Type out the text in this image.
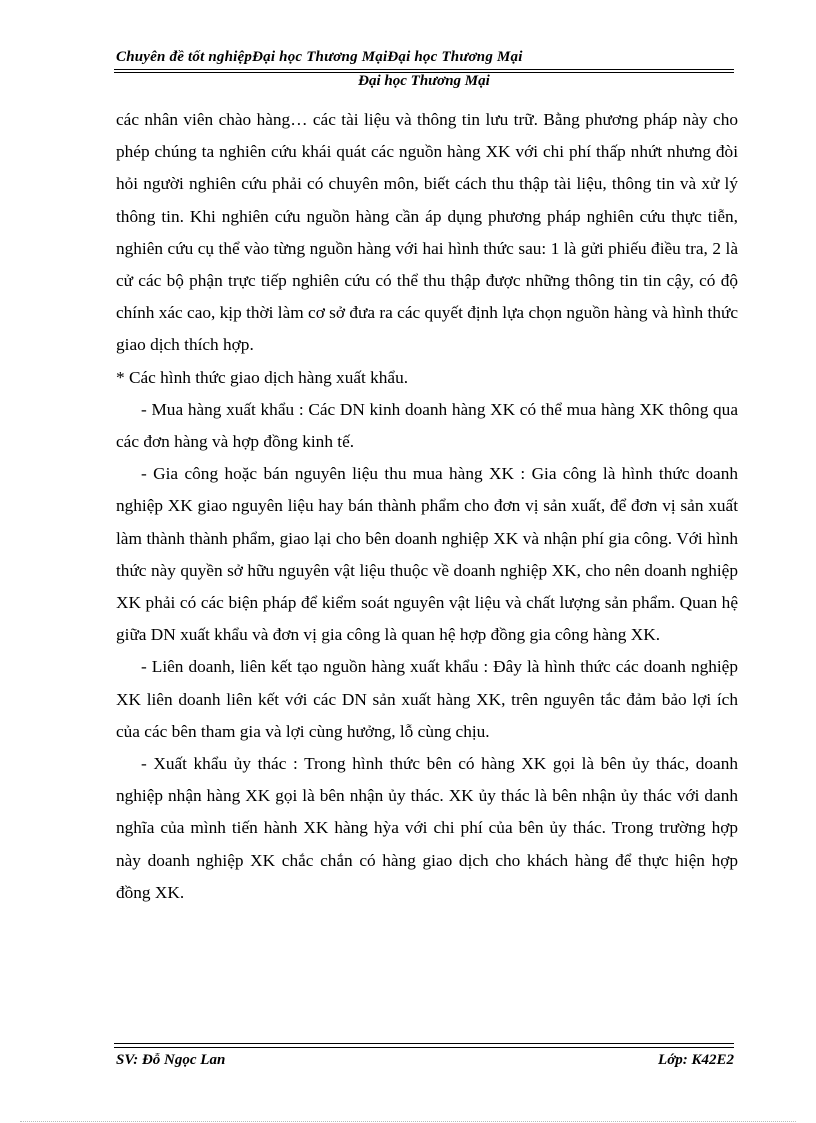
Chuyên đề tốt nghiệpĐại học Thương MạiĐại học Thương Mại
Đại học Thương Mại

các nhân viên chào hàng… các tài liệu và thông tin lưu trữ. Bằng phương pháp này cho phép chúng ta nghiên cứu khái quát các nguồn hàng XK với chi phí thấp nhứt nhưng đòi hỏi người nghiên cứu phải có chuyên môn, biết cách thu thập tài liệu, thông tin và xử lý thông tin. Khi nghiên cứu nguồn hàng cần áp dụng phương pháp nghiên cứu thực tiễn, nghiên cứu cụ thể vào từng nguồn hàng với hai hình thức sau: 1 là gửi phiếu điều tra, 2 là cử các bộ phận trực tiếp nghiên cứu có thể thu thập được những thông tin tin cậy, có độ chính xác cao, kịp thời làm cơ sở đưa ra các quyết định lựa chọn nguồn hàng và hình thức giao dịch thích hợp.

* Các hình thức giao dịch hàng xuất khẩu.

- Mua hàng xuất khẩu : Các DN kinh doanh hàng XK có thể mua hàng XK thông qua các đơn hàng và hợp đồng kinh tế.

- Gia công hoặc bán nguyên liệu thu mua hàng XK : Gia công là hình thức doanh nghiệp XK giao nguyên liệu hay bán thành phẩm cho đơn vị sản xuất, để đơn vị sản xuất làm thành thành phẩm, giao lại cho bên doanh nghiệp XK và nhận phí gia công. Với hình thức này quyền sở hữu nguyên vật liệu thuộc về doanh nghiệp XK, cho nên doanh nghiệp XK phải có các biện pháp để kiểm soát nguyên vật liệu và chất lượng sản phẩm. Quan hệ giữa DN xuất khẩu và đơn vị gia công là quan hệ hợp đồng gia công hàng XK.

- Liên doanh, liên kết tạo nguồn hàng xuất khẩu : Đây là hình thức các doanh nghiệp XK liên doanh liên kết với các DN sản xuất hàng XK, trên nguyên tắc đảm bảo lợi ích của các bên tham gia và lợi cùng hưởng, lỗ cùng chịu.

- Xuất khẩu ủy thác : Trong hình thức bên có hàng XK gọi là bên ủy thác, doanh nghiệp nhận hàng XK gọi là bên nhận ủy thác. XK ủy thác là bên nhận ủy thác với danh nghĩa của mình tiến hành XK hàng hỳa với chi phí của bên ủy thác. Trong trường hợp này doanh nghiệp XK chắc chắn có hàng giao dịch cho khách hàng để thực hiện hợp đồng XK.

SV: Đỗ Ngọc Lan	Lớp: K42E2
